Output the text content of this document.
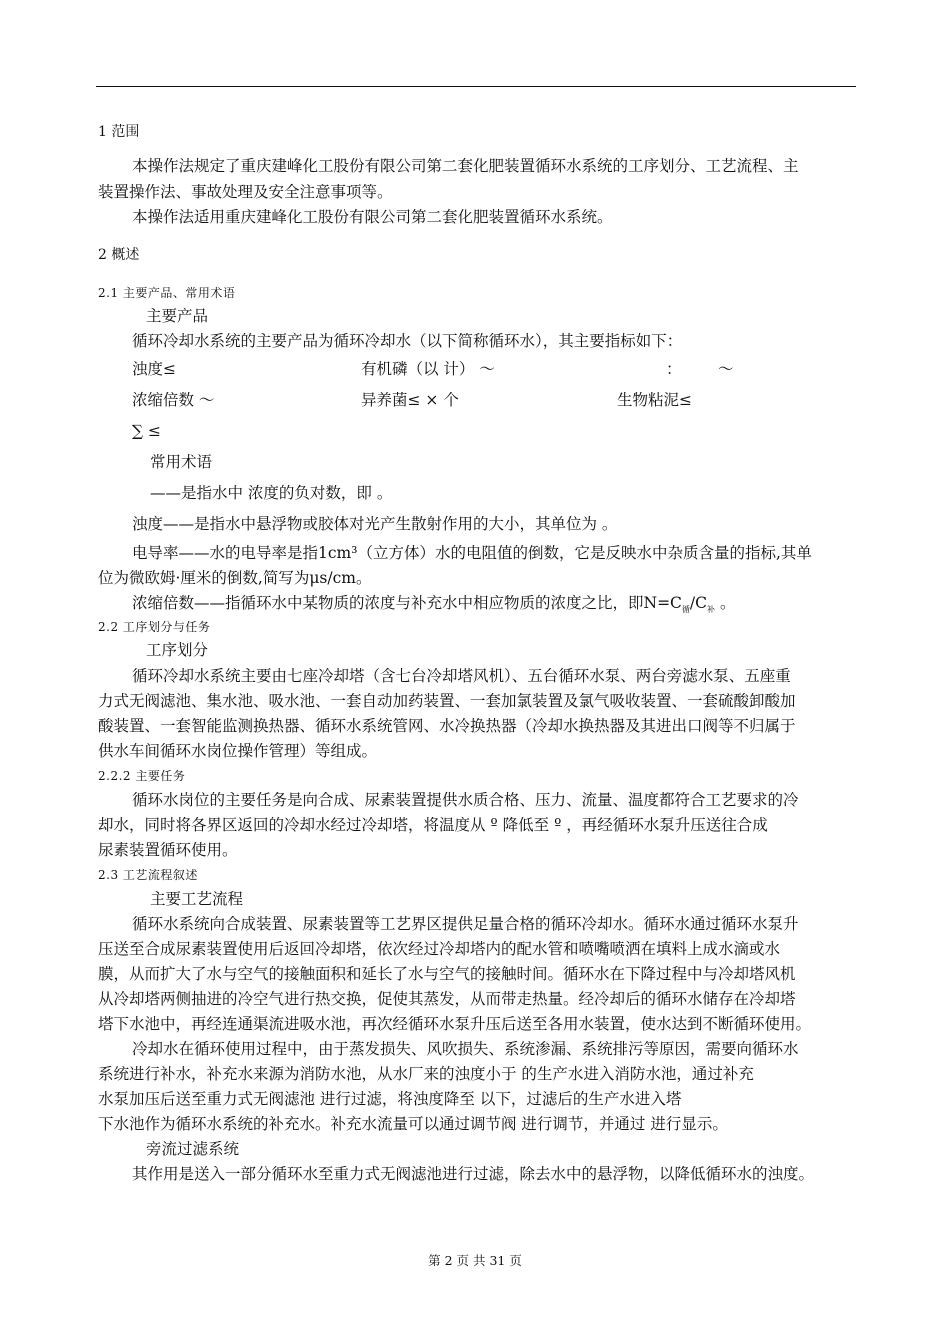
1 范围
本操作法规定了重庆建峰化工股份有限公司第二套化肥装置循环水系统的工序划分、工艺流程、主
装置操作法、事故处理及安全注意事项等。
本操作法适用重庆建峰化工股份有限公司第二套化肥装置循环水系统。
2 概述
2.1 主要产品、常用术语
主要产品
循环冷却水系统的主要产品为循环冷却水（以下简称循环水），其主要指标如下：
浊度≤	有机磷（以 计） ～	： ～
浓缩倍数 ～	异养菌≤ × 个	生物粘泥≤
∑ ≤
常用术语
——是指水中 浓度的负对数，即 。
浊度——是指水中悬浮物或胶体对光产生散射作用的大小，其单位为 。
电导率——水的电导率是指1cm³（立方体）水的电阻值的倒数，它是反映水中杂质含量的指标,其单
位为微欧姆·厘米的倒数,简写为μs/cm。
浓缩倍数——指循环水中某物质的浓度与补充水中相应物质的浓度之比，即$N=C_循/C_补$ 。
2.2 工序划分与任务
工序划分
循环冷却水系统主要由七座冷却塔（含七台冷却塔风机）、五台循环水泵、两台旁滤水泵、五座重
力式无阀滤池、集水池、吸水池、一套自动加药装置、一套加氯装置及氯气吸收装置、一套硫酸卸酸加
酸装置、一套智能监测换热器、循环水系统管网、水冷换热器（冷却水换热器及其进出口阀等不归属于
供水车间循环水岗位操作管理）等组成。
2.2.2 主要任务
循环水岗位的主要任务是向合成、尿素装置提供水质合格、压力、流量、温度都符合工艺要求的冷
却水，同时将各界区返回的冷却水经过冷却塔，将温度从 º 降低至 º ，再经循环水泵升压送往合成
尿素装置循环使用。
2.3 工艺流程叙述
主要工艺流程
循环水系统向合成装置、尿素装置等工艺界区提供足量合格的循环冷却水。循环水通过循环水泵升
压送至合成尿素装置使用后返回冷却塔，依次经过冷却塔内的配水管和喷嘴喷洒在填料上成水滴或水
膜，从而扩大了水与空气的接触面积和延长了水与空气的接触时间。循环水在下降过程中与冷却塔风机
从冷却塔两侧抽进的冷空气进行热交换，促使其蒸发，从而带走热量。经冷却后的循环水储存在冷却塔
塔下水池中，再经连通渠流进吸水池，再次经循环水泵升压后送至各用水装置，使水达到不断循环使用。
冷却水在循环使用过程中，由于蒸发损失、风吹损失、系统渗漏、系统排污等原因，需要向循环水
系统进行补水，补充水来源为消防水池，从水厂来的浊度小于 的生产水进入消防水池，通过补充
水泵加压后送至重力式无阀滤池 进行过滤，将浊度降至 以下，过滤后的生产水进入塔
下水池作为循环水系统的补充水。补充水流量可以通过调节阀 进行调节，并通过 进行显示。
旁流过滤系统
其作用是送入一部分循环水至重力式无阀滤池进行过滤，除去水中的悬浮物，以降低循环水的浊度。
第 2 页 共 31 页
